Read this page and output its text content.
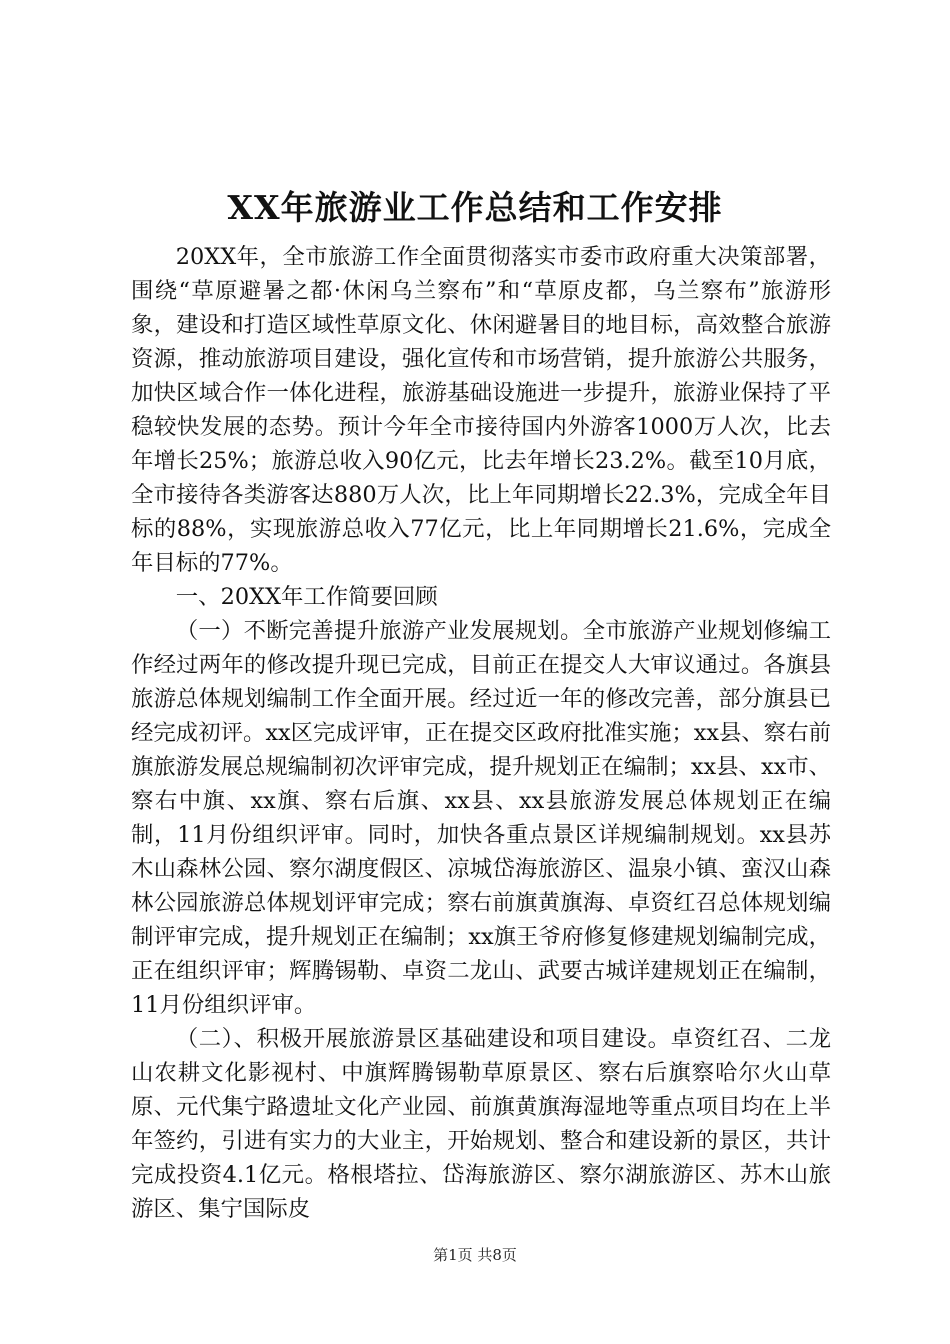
XX年旅游业工作总结和工作安排

20XX年，全市旅游工作全面贯彻落实市委市政府重大决策部署，围绕“草原避暑之都·休闲乌兰察布”和“草原皮都，乌兰察布”旅游形象，建设和打造区域性草原文化、休闲避暑目的地目标，高效整合旅游资源，推动旅游项目建设，强化宣传和市场营销，提升旅游公共服务，加快区域合作一体化进程，旅游基础设施进一步提升，旅游业保持了平稳较快发展的态势。预计今年全市接待国内外游客1000万人次，比去年增长25%；旅游总收入90亿元，比去年增长23.2%。截至10月底，全市接待各类游客达880万人次，比上年同期增长22.3%，完成全年目标的88%，实现旅游总收入77亿元，比上年同期增长21.6%，完成全年目标的77%。

一、20XX年工作简要回顾

（一）不断完善提升旅游产业发展规划。全市旅游产业规划修编工作经过两年的修改提升现已完成，目前正在提交人大审议通过。各旗县旅游总体规划编制工作全面开展。经过近一年的修改完善，部分旗县已经完成初评。xx区完成评审，正在提交区政府批准实施；xx县、察右前旗旅游发展总规编制初次评审完成，提升规划正在编制；xx县、xx市、察右中旗、xx旗、察右后旗、xx县、xx县旅游发展总体规划正在编制，11月份组织评审。同时，加快各重点景区详规编制规划。xx县苏木山森林公园、察尔湖度假区、凉城岱海旅游区、温泉小镇、蛮汉山森林公园旅游总体规划评审完成；察右前旗黄旗海、卓资红召总体规划编制评审完成，提升规划正在编制；xx旗王爷府修复修建规划编制完成，正在组织评审；辉腾锡勒、卓资二龙山、武要古城详建规划正在编制，11月份组织评审。

（二）、积极开展旅游景区基础建设和项目建设。卓资红召、二龙山农耕文化影视村、中旗辉腾锡勒草原景区、察右后旗察哈尔火山草原、元代集宁路遗址文化产业园、前旗黄旗海湿地等重点项目均在上半年签约，引进有实力的大业主，开始规划、整合和建设新的景区，共计完成投资4.1亿元。格根塔拉、岱海旅游区、察尔湖旅游区、苏木山旅游区、集宁国际皮

第1页 共8页
